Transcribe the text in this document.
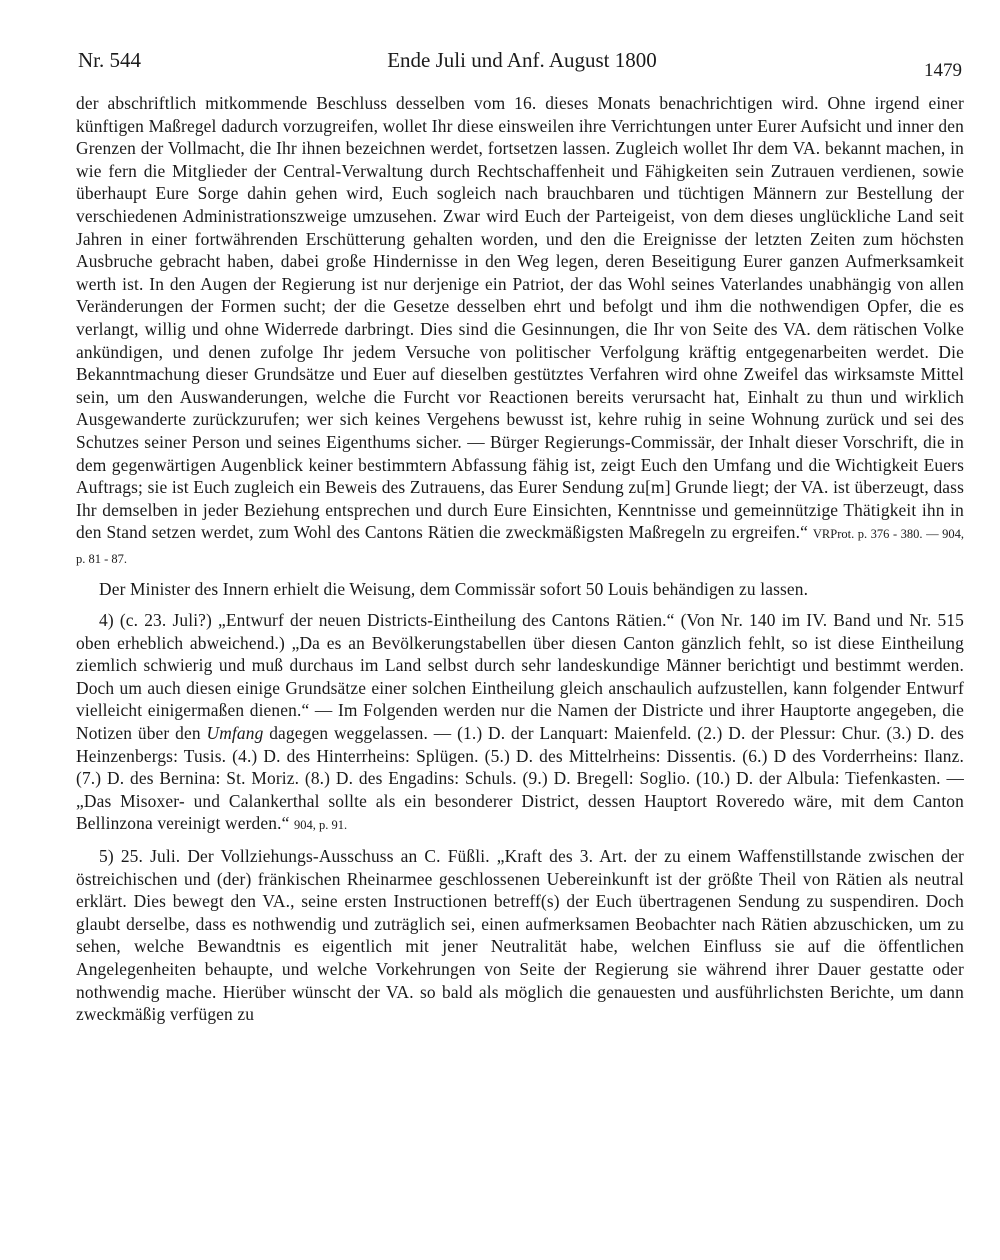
Nr. 544	Ende Juli und Anf. August 1800	1479

der abschriftlich mitkommende Beschluss desselben vom 16. dieses Monats benachrichtigen wird. Ohne irgend einer künftigen Maßregel dadurch vorzugreifen, wollet Ihr diese einsweilen ihre Verrichtungen unter Eurer Aufsicht und inner den Grenzen der Vollmacht, die Ihr ihnen bezeichnen werdet, fortsetzen lassen. Zugleich wollet Ihr dem VA. bekannt machen, in wie fern die Mitglieder der Central-Verwaltung durch Rechtschaffenheit und Fähigkeiten sein Zutrauen verdienen, sowie überhaupt Eure Sorge dahin gehen wird, Euch sogleich nach brauchbaren und tüchtigen Männern zur Bestellung der verschiedenen Administrationszweige umzusehen. Zwar wird Euch der Parteigeist, von dem dieses unglückliche Land seit Jahren in einer fortwährenden Erschütterung gehalten worden, und den die Ereignisse der letzten Zeiten zum höchsten Ausbruche gebracht haben, dabei große Hindernisse in den Weg legen, deren Beseitigung Eurer ganzen Aufmerksamkeit werth ist. In den Augen der Regierung ist nur derjenige ein Patriot, der das Wohl seines Vaterlandes unabhängig von allen Veränderungen der Formen sucht; der die Gesetze desselben ehrt und befolgt und ihm die nothwendigen Opfer, die es verlangt, willig und ohne Widerrede darbringt. Dies sind die Gesinnungen, die Ihr von Seite des VA. dem rätischen Volke ankündigen, und denen zufolge Ihr jedem Versuche von politischer Verfolgung kräftig entgegenarbeiten werdet. Die Bekanntmachung dieser Grundsätze und Euer auf dieselben gestütztes Verfahren wird ohne Zweifel das wirksamste Mittel sein, um den Auswanderungen, welche die Furcht vor Reactionen bereits verursacht hat, Einhalt zu thun und wirklich Ausgewanderte zurückzurufen; wer sich keines Vergehens bewusst ist, kehre ruhig in seine Wohnung zurück und sei des Schutzes seiner Person und seines Eigenthums sicher. — Bürger Regierungs-Commissär, der Inhalt dieser Vorschrift, die in dem gegenwärtigen Augenblick keiner bestimmtern Abfassung fähig ist, zeigt Euch den Umfang und die Wichtigkeit Euers Auftrags; sie ist Euch zugleich ein Beweis des Zutrauens, das Eurer Sendung zu[m] Grunde liegt; der VA. ist überzeugt, dass Ihr demselben in jeder Beziehung entsprechen und durch Eure Einsichten, Kenntnisse und gemeinnützige Thätigkeit ihn in den Stand setzen werdet, zum Wohl des Cantons Rätien die zweckmäßigsten Maßregeln zu ergreifen.“ VRProt. p. 376 - 380. — 904, p. 81 - 87.

Der Minister des Innern erhielt die Weisung, dem Commissär sofort 50 Louis behändigen zu lassen.

4) (c. 23. Juli?) „Entwurf der neuen Districts-Eintheilung des Cantons Rätien.“ (Von Nr. 140 im IV. Band und Nr. 515 oben erheblich abweichend.) „Da es an Bevölkerungstabellen über diesen Canton gänzlich fehlt, so ist diese Eintheilung ziemlich schwierig und muß durchaus im Land selbst durch sehr landeskundige Männer berichtigt und bestimmt werden. Doch um auch diesen einige Grundsätze einer solchen Eintheilung gleich anschaulich aufzustellen, kann folgender Entwurf vielleicht einigermaßen dienen.“ — Im Folgenden werden nur die Namen der Districte und ihrer Hauptorte angegeben, die Notizen über den Umfang dagegen weggelassen. — (1.) D. der Lanquart: Maienfeld. (2.) D. der Plessur: Chur. (3.) D. des Heinzenbergs: Tusis. (4.) D. des Hinterrheins: Splügen. (5.) D. des Mittelrheins: Dissentis. (6.) D des Vorderrheins: Ilanz. (7.) D. des Bernina: St. Moriz. (8.) D. des Engadins: Schuls. (9.) D. Bregell: Soglio. (10.) D. der Albula: Tiefenkasten. — „Das Misoxer- und Calankerthal sollte als ein besonderer District, dessen Hauptort Roveredo wäre, mit dem Canton Bellinzona vereinigt werden.“ 904, p. 91.

5) 25. Juli. Der Vollziehungs-Ausschuss an C. Füßli. „Kraft des 3. Art. der zu einem Waffenstillstande zwischen der östreichischen und (der) fränkischen Rheinarmee geschlossenen Uebereinkunft ist der größte Theil von Rätien als neutral erklärt. Dies bewegt den VA., seine ersten Instructionen betreff(s) der Euch übertragenen Sendung zu suspendiren. Doch glaubt derselbe, dass es nothwendig und zuträglich sei, einen aufmerksamen Beobachter nach Rätien abzuschicken, um zu sehen, welche Bewandtnis es eigentlich mit jener Neutralität habe, welchen Einfluss sie auf die öffentlichen Angelegenheiten behaupte, und welche Vorkehrungen von Seite der Regierung sie während ihrer Dauer gestatte oder nothwendig mache. Hierüber wünscht der VA. so bald als möglich die genauesten und ausführlichsten Berichte, um dann zweckmäßig verfügen zu
